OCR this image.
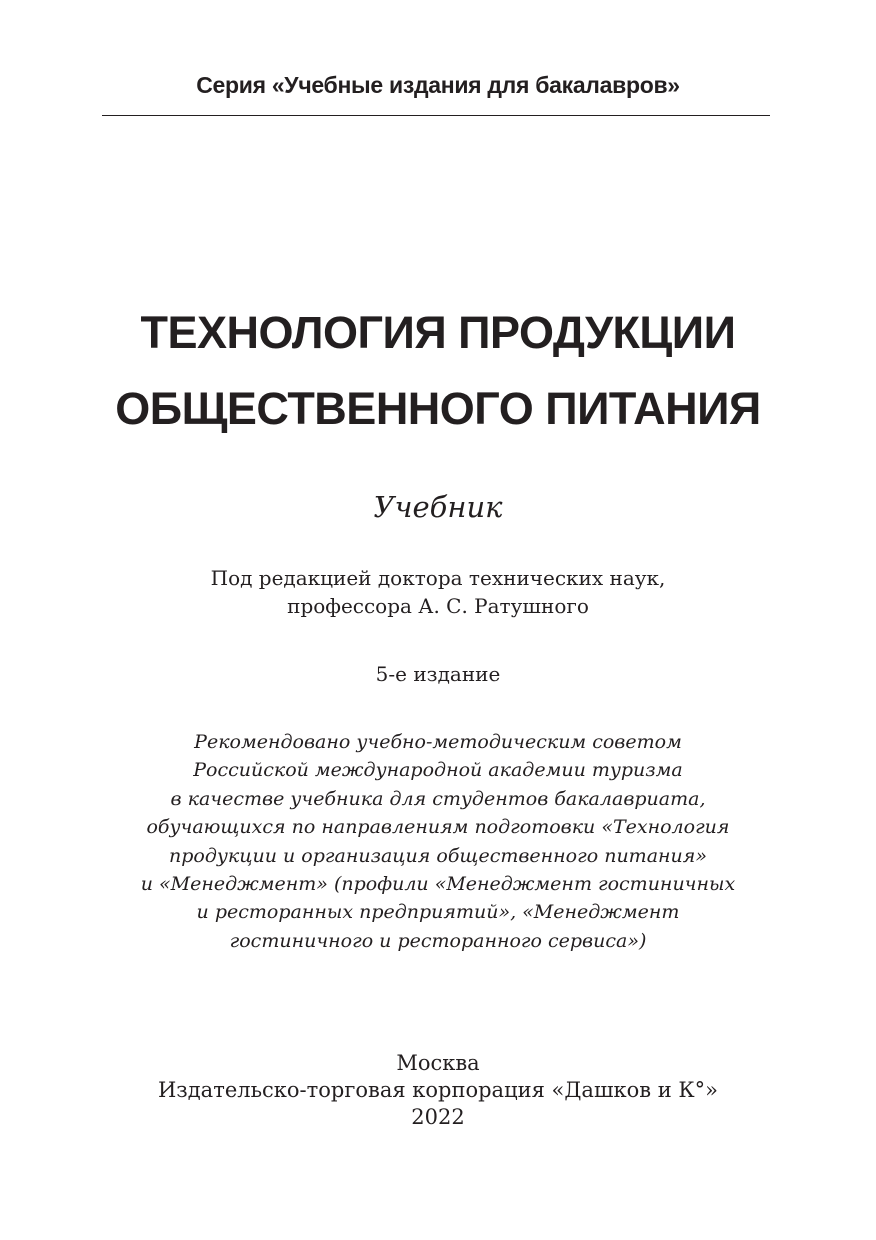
Серия «Учебные издания для бакалавров»
ТЕХНОЛОГИЯ ПРОДУКЦИИ
ОБЩЕСТВЕННОГО ПИТАНИЯ
Учебник
Под редакцией доктора технических наук,
профессора А. С. Ратушного
5-е издание
Рекомендовано учебно-методическим советом
Российской международной академии туризма
в качестве учебника для студентов бакалавриата,
обучающихся по направлениям подготовки «Технология
продукции и организация общественного питания»
и «Менеджмент» (профили «Менеджмент гостиничных
и ресторанных предприятий», «Менеджмент
гостиничного и ресторанного сервиса»)
Москва
Издательско-торговая корпорация «Дашков и К°»
2022
